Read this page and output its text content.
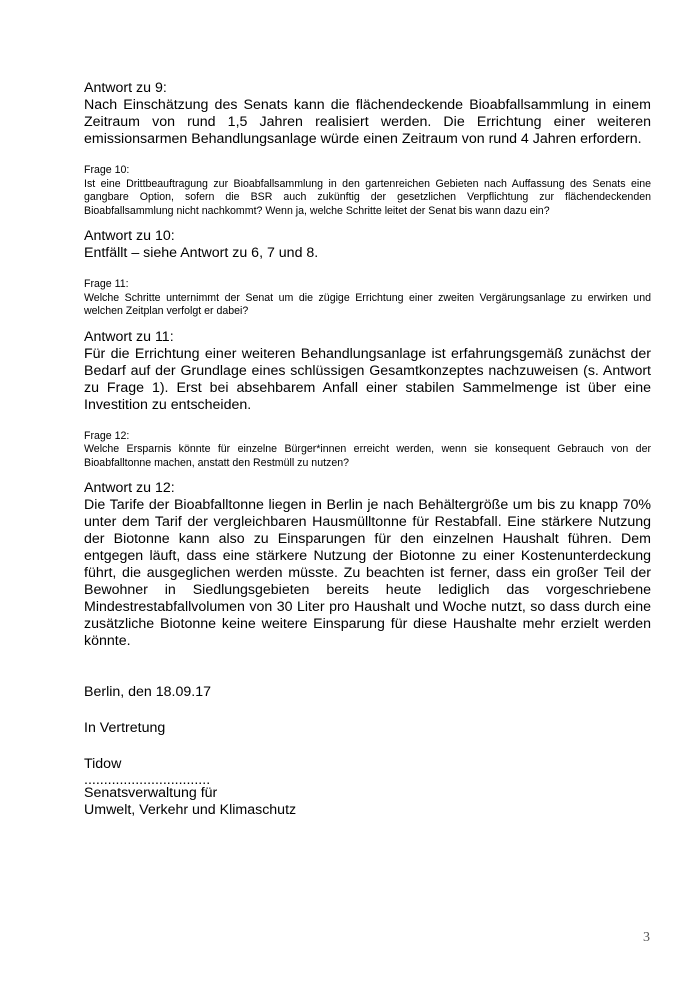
Antwort zu 9:

Nach Einschätzung des Senats kann die flächendeckende Bioabfallsammlung in einem Zeitraum von rund 1,5 Jahren realisiert werden. Die Errichtung einer weiteren emissionsarmen Behandlungsanlage würde einen Zeitraum von rund 4 Jahren erfordern.

Frage 10:

Ist eine Drittbeauftragung zur Bioabfallsammlung in den gartenreichen Gebieten nach Auffassung des Senats eine gangbare Option, sofern die BSR auch zukünftig der gesetzlichen Verpflichtung zur flächendeckenden Bioabfallsammlung nicht nachkommt? Wenn ja, welche Schritte leitet der Senat bis wann dazu ein?

Antwort zu 10:

Entfällt – siehe Antwort zu 6, 7 und 8.

Frage 11:

Welche Schritte unternimmt der Senat um die zügige Errichtung einer zweiten Vergärungsanlage zu erwirken und welchen Zeitplan verfolgt er dabei?

Antwort zu 11:

Für die Errichtung einer weiteren Behandlungsanlage ist erfahrungsgemäß zunächst der Bedarf auf der Grundlage eines schlüssigen Gesamtkonzeptes nachzuweisen (s. Antwort zu Frage 1). Erst bei absehbarem Anfall einer stabilen Sammelmenge ist über eine Investition zu entscheiden.

Frage 12:

Welche Ersparnis könnte für einzelne Bürger*innen erreicht werden, wenn sie konsequent Gebrauch von der Bioabfalltonne machen, anstatt den Restmüll zu nutzen?

Antwort zu 12:

Die Tarife der Bioabfalltonne liegen in Berlin je nach Behältergröße um bis zu knapp 70% unter dem Tarif der vergleichbaren Hausmülltonne für Restabfall. Eine stärkere Nutzung der Biotonne kann also zu Einsparungen für den einzelnen Haushalt führen. Dem entgegen läuft, dass eine stärkere Nutzung der Biotonne zu einer Kostenunterdeckung führt, die ausgeglichen werden müsste. Zu beachten ist ferner, dass ein großer Teil der Bewohner in Siedlungsgebieten bereits heute lediglich das vorgeschriebene Mindestrestabfallvolumen von 30 Liter pro Haushalt und Woche nutzt, so dass durch eine zusätzliche Biotonne keine weitere Einsparung für diese Haushalte mehr erzielt werden könnte.

Berlin, den 18.09.17

In Vertretung

Tidow

................................

Senatsverwaltung für

Umwelt, Verkehr und Klimaschutz

3
